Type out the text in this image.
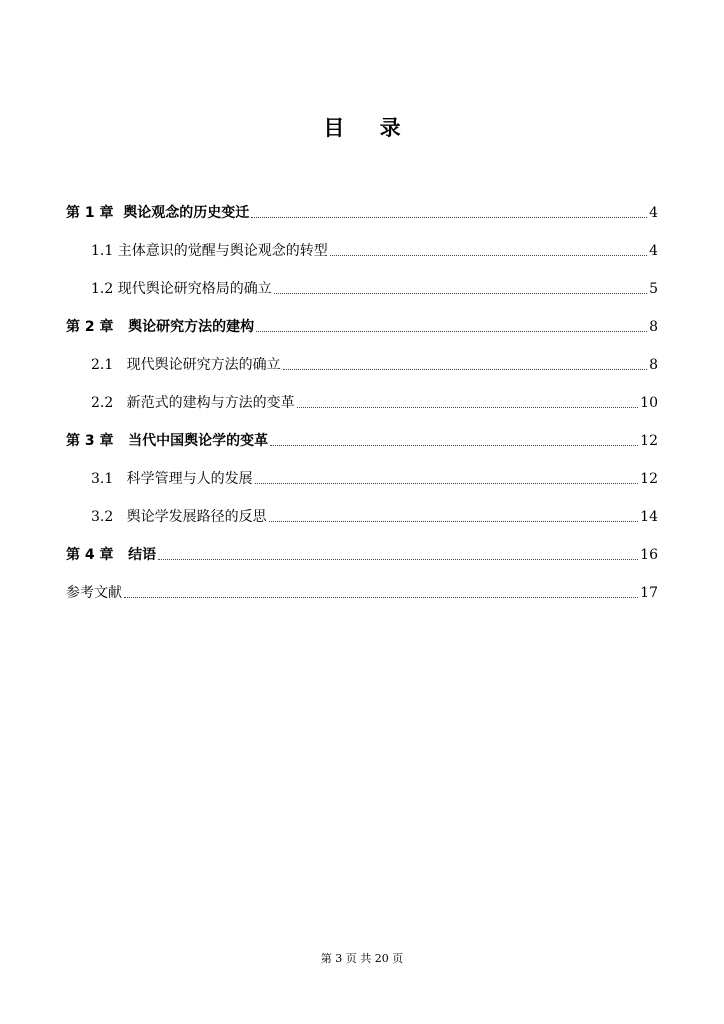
目 录
第 1 章  舆论观念的历史变迁	4
1.1 主体意识的觉醒与舆论观念的转型	4
1.2 现代舆论研究格局的确立	5
第 2 章   舆论研究方法的建构	8
2.1   现代舆论研究方法的确立	8
2.2   新范式的建构与方法的变革	10
第 3 章   当代中国舆论学的变革	12
3.1   科学管理与人的发展	12
3.2   舆论学发展路径的反思	14
第 4 章   结语	16
参考文献	17
第 3 页 共 20 页
